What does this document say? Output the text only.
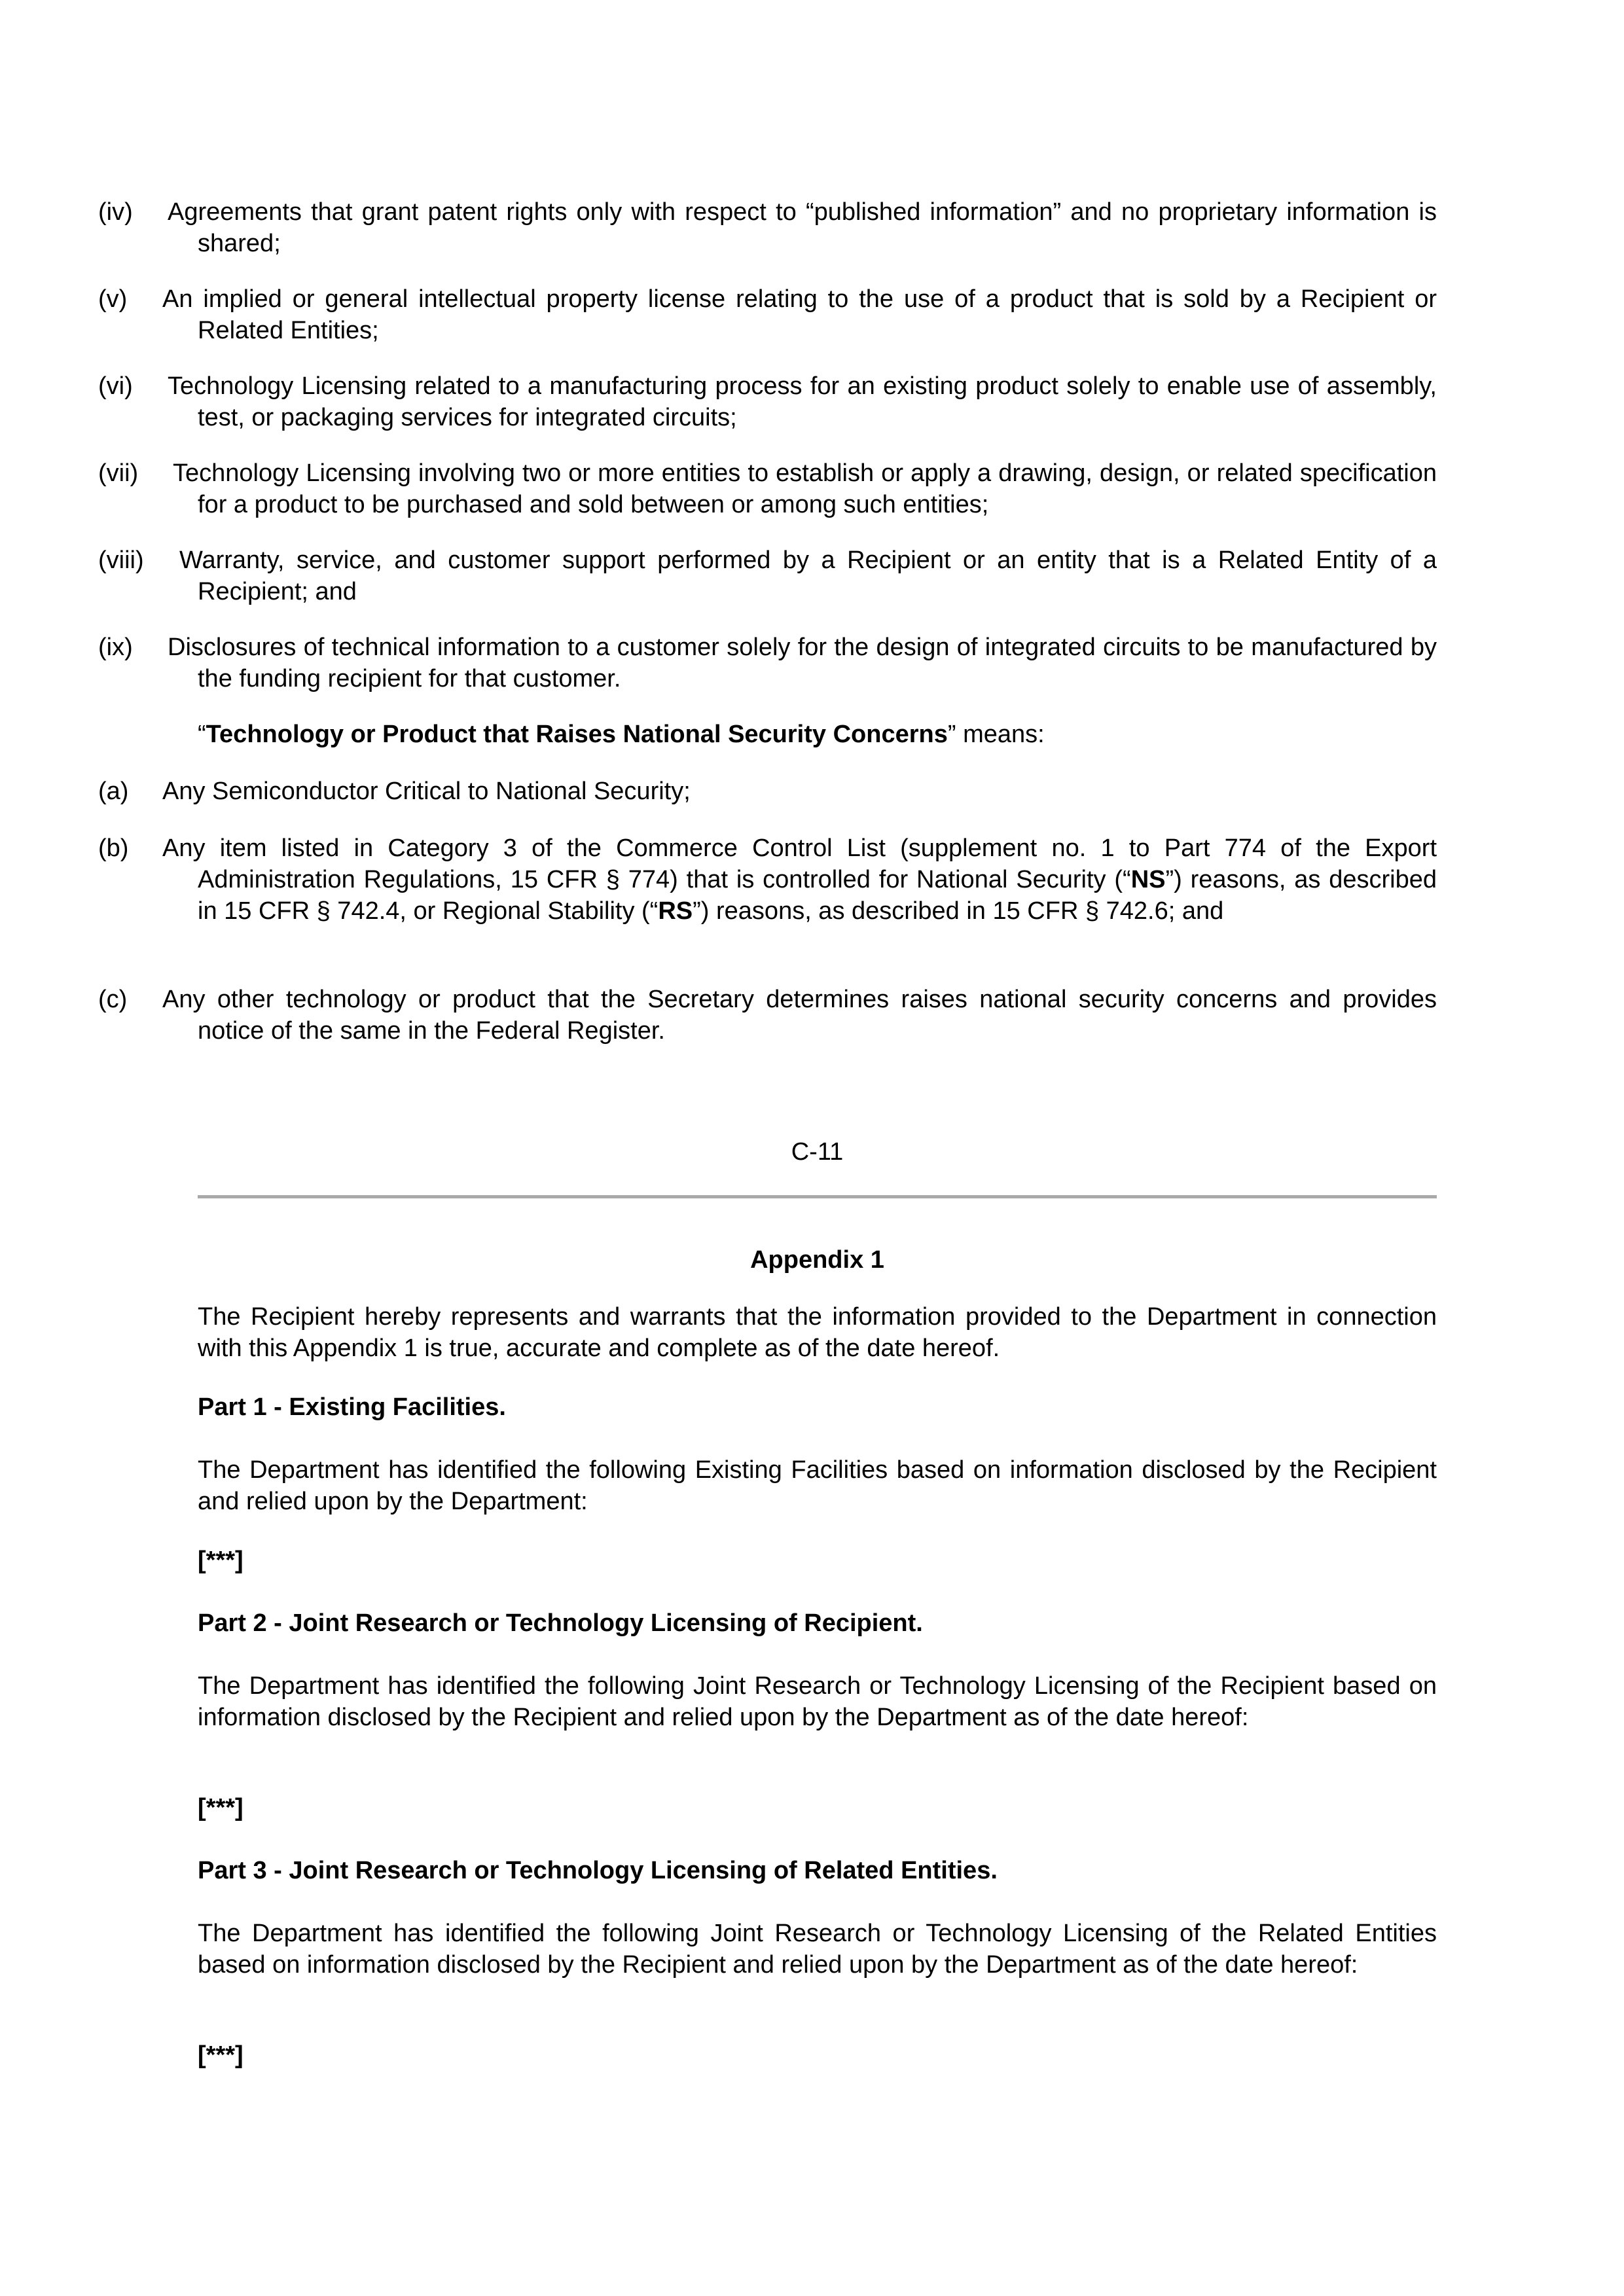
(iv)	Agreements that grant patent rights only with respect to “published information” and no proprietary information is shared;
(v)	An implied or general intellectual property license relating to the use of a product that is sold by a Recipient or Related Entities;
(vi)	Technology Licensing related to a manufacturing process for an existing product solely to enable use of assembly, test, or packaging services for integrated circuits;
(vii)	Technology Licensing involving two or more entities to establish or apply a drawing, design, or related specification for a product to be purchased and sold between or among such entities;
(viii)	Warranty, service, and customer support performed by a Recipient or an entity that is a Related Entity of a Recipient; and
(ix)	Disclosures of technical information to a customer solely for the design of integrated circuits to be manufactured by the funding recipient for that customer.
“Technology or Product that Raises National Security Concerns” means:
(a)	Any Semiconductor Critical to National Security;
(b)	Any item listed in Category 3 of the Commerce Control List (supplement no. 1 to Part 774 of the Export Administration Regulations, 15 CFR § 774) that is controlled for National Security (“NS”) reasons, as described in 15 CFR § 742.4, or Regional Stability (“RS”) reasons, as described in 15 CFR § 742.6; and
(c)	Any other technology or product that the Secretary determines raises national security concerns and provides notice of the same in the Federal Register.
C-11
Appendix 1
The Recipient hereby represents and warrants that the information provided to the Department in connection with this Appendix 1 is true, accurate and complete as of the date hereof.
Part 1 - Existing Facilities.
The Department has identified the following Existing Facilities based on information disclosed by the Recipient and relied upon by the Department:
[***]
Part 2 - Joint Research or Technology Licensing of Recipient.
The Department has identified the following Joint Research or Technology Licensing of the Recipient based on information disclosed by the Recipient and relied upon by the Department as of the date hereof:
[***]
Part 3 - Joint Research or Technology Licensing of Related Entities.
The Department has identified the following Joint Research or Technology Licensing of the Related Entities based on information disclosed by the Recipient and relied upon by the Department as of the date hereof:
[***]
